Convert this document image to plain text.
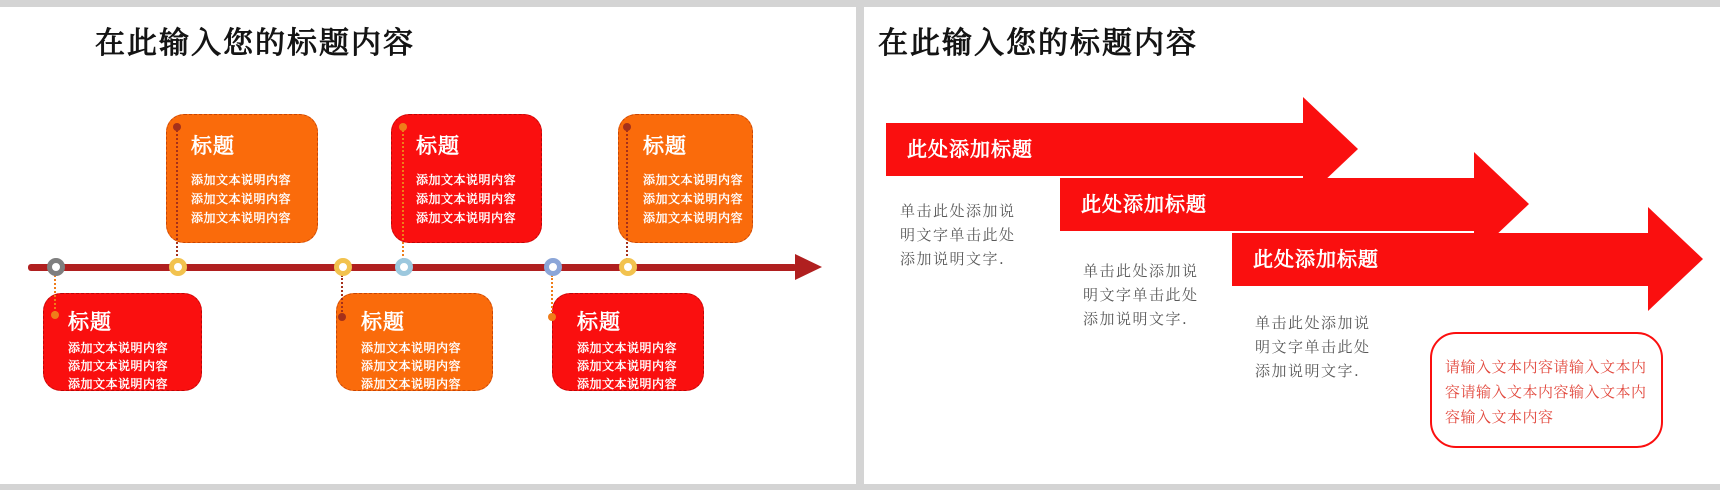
在此输入您的标题内容
标题
添加文本说明内容
添加文本说明内容
添加文本说明内容
标题
添加文本说明内容
添加文本说明内容
添加文本说明内容
标题
添加文本说明内容
添加文本说明内容
添加文本说明内容
标题
添加文本说明内容
添加文本说明内容
添加文本说明内容
标题
添加文本说明内容
添加文本说明内容
添加文本说明内容
标题
添加文本说明内容
添加文本说明内容
添加文本说明内容
在此输入您的标题内容
此处添加标题
此处添加标题
此处添加标题
单击此处添加说
明文字单击此处
添加说明文字.
单击此处添加说
明文字单击此处
添加说明文字.	单击此处添加说
明文字单击此处
添加说明文字.	请输入文本内容请输入文本内
容请输入文本内容输入文本内
容输入文本内容
